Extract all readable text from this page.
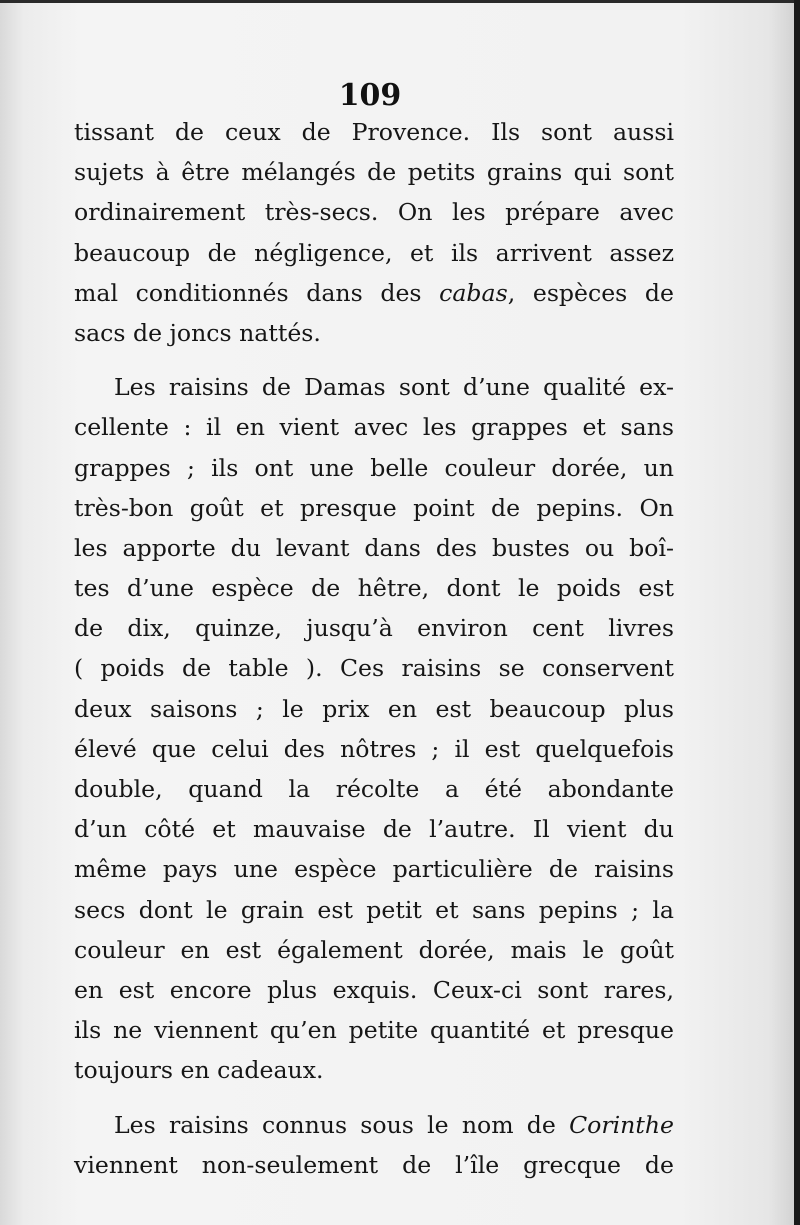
109
tissant de ceux de Provence. Ils sont aussi
sujets à être mélangés de petits grains qui sont
ordinairement très-secs. On les prépare avec
beaucoup de négligence, et ils arrivent assez
mal conditionnés dans des cabas, espèces de
sacs de joncs nattés.
Les raisins de Damas sont d’une qualité ex-
cellente : il en vient avec les grappes et sans
grappes ; ils ont une belle couleur dorée, un
très-bon goût et presque point de pepins. On
les apporte du levant dans des bustes ou boî-
tes d’une espèce de hêtre, dont le poids est
de dix, quinze, jusqu’à environ cent livres
( poids de table ). Ces raisins se conservent
deux saisons ; le prix en est beaucoup plus
élevé que celui des nôtres ; il est quelquefois
double, quand la récolte a été abondante
d’un côté et mauvaise de l’autre. Il vient du
même pays une espèce particulière de raisins
secs dont le grain est petit et sans pepins ; la
couleur en est également dorée, mais le goût
en est encore plus exquis. Ceux-ci sont rares,
ils ne viennent qu’en petite quantité et presque
toujours en cadeaux.
Les raisins connus sous le nom de Corinthe
viennent non-seulement de l’île grecque de
